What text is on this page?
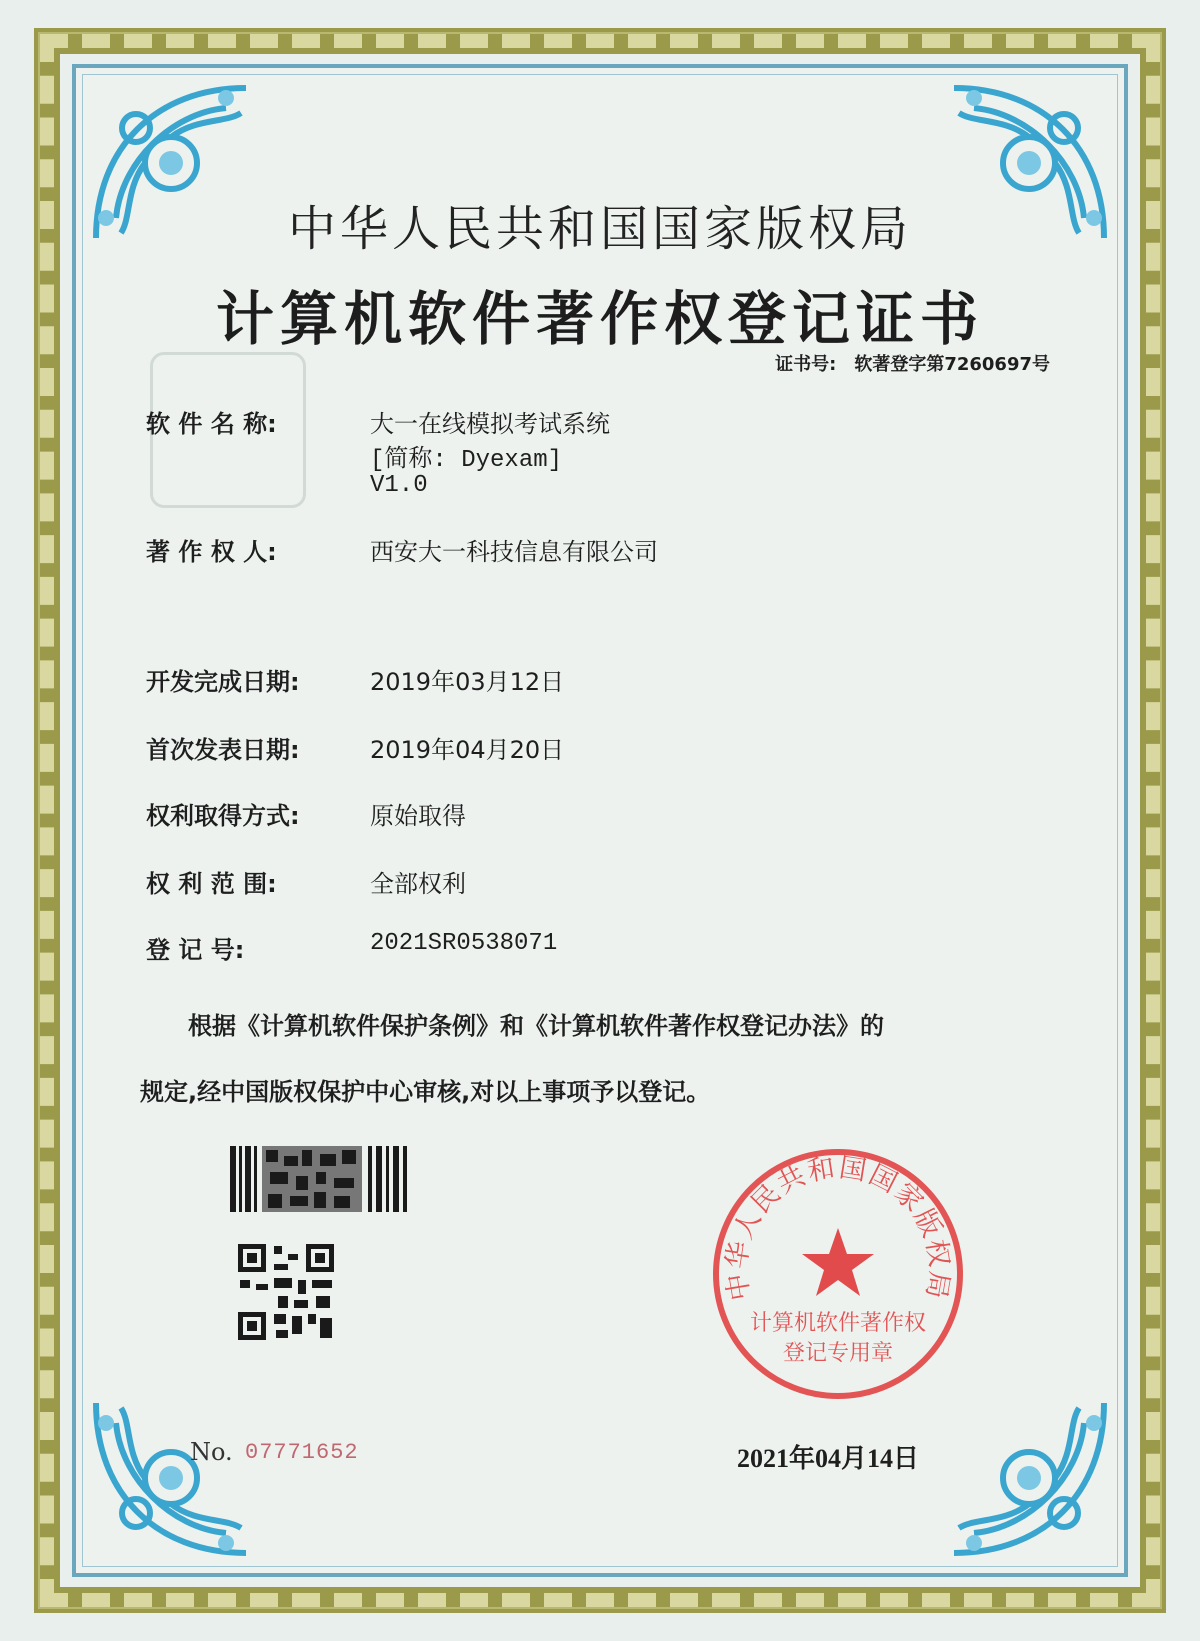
中华人民共和国国家版权局
计算机软件著作权登记证书
证书号: 软著登字第7260697号
软 件 名 称:	大一在线模拟考试系统
[简称: Dyexam]
V1.0
著 作 权 人:	西安大一科技信息有限公司
开发完成日期:	2019年03月12日
首次发表日期:	2019年04月20日
权利取得方式:	原始取得
权 利 范 围:	全部权利
登 记 号:	2021SR0538071
根据《计算机软件保护条例》和《计算机软件著作权登记办法》的
规定,经中国版权保护中心审核,对以上事项予以登记。
No. 07771652
中华人民共和国国家版权局
计算机软件著作权
登记专用章
2021年04月14日
